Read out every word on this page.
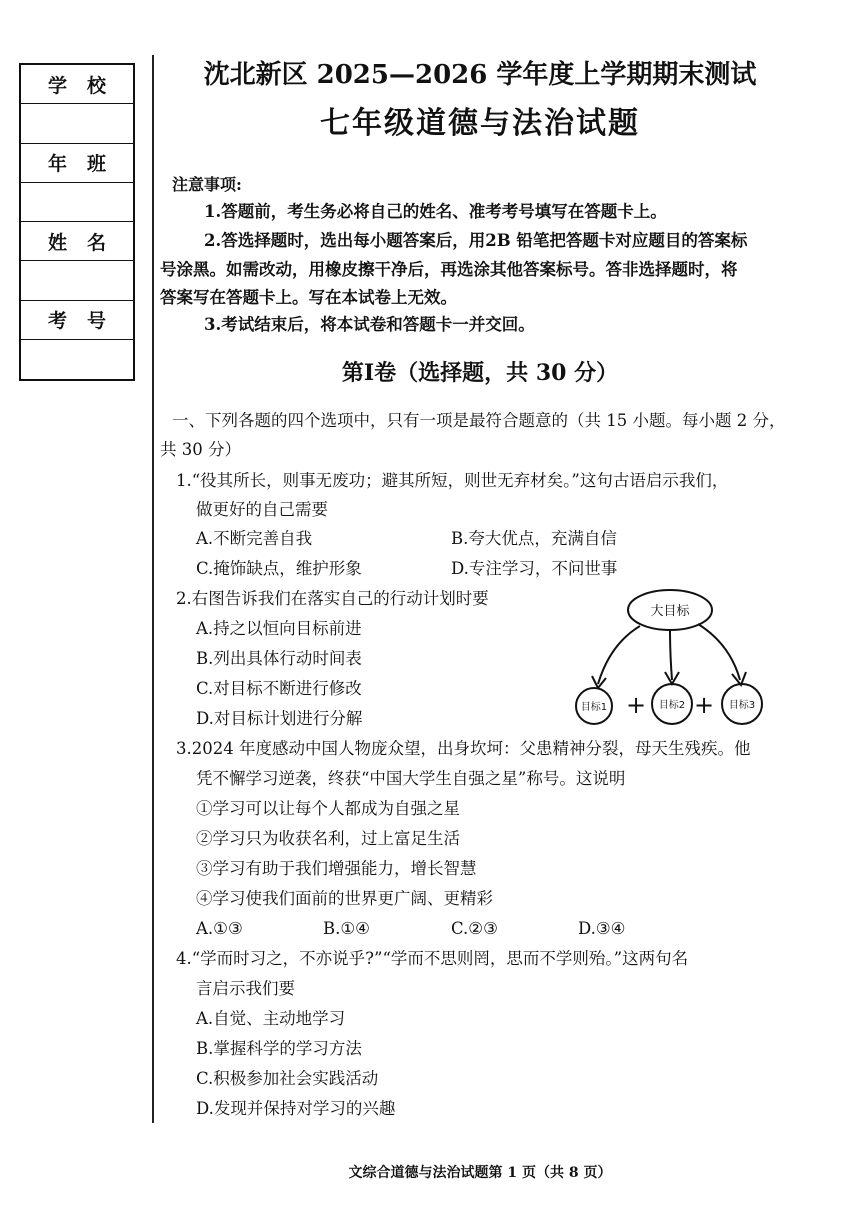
学校
年班
姓名
考号
沈北新区 2025—2026 学年度上学期期末测试
七年级道德与法治试题
注意事项:
1.答题前，考生务必将自己的姓名、准考考号填写在答题卡上。
2.答选择题时，选出每小题答案后，用2B 铅笔把答题卡对应题目的答案标
号涂黑。如需改动，用橡皮擦干净后，再选涂其他答案标号。答非选择题时，将
答案写在答题卡上。写在本试卷上无效。
3.考试结束后，将本试卷和答题卡一并交回。
第Ⅰ卷（选择题，共 30 分）
一、下列各题的四个选项中，只有一项是最符合题意的（共 15 小题。每小题 2 分，
共 30 分）
1.“役其所长，则事无废功；避其所短，则世无弃材矣。”这句古语启示我们，
做更好的自己需要
A.不断完善自我	B.夸大优点，充满自信
C.掩饰缺点，维护形象	D.专注学习，不问世事
2.右图告诉我们在落实自己的行动计划时要
A.持之以恒向目标前进
B.列出具体行动时间表
C.对目标不断进行修改
D.对目标计划进行分解
大目标
目标1 + 目标2 + 目标3
3.2024 年度感动中国人物庞众望，出身坎坷：父患精神分裂，母天生残疾。他
凭不懈学习逆袭，终获“中国大学生自强之星”称号。这说明
①学习可以让每个人都成为自强之星
②学习只为收获名利，过上富足生活
③学习有助于我们增强能力，增长智慧
④学习使我们面前的世界更广阔、更精彩
A.①③	B.①④	C.②③	D.③④
4.“学而时习之，不亦说乎?”“学而不思则罔，思而不学则殆。”这两句名
言启示我们要
A.自觉、主动地学习
B.掌握科学的学习方法
C.积极参加社会实践活动
D.发现并保持对学习的兴趣
文综合道德与法治试题第 1 页（共 8 页）
